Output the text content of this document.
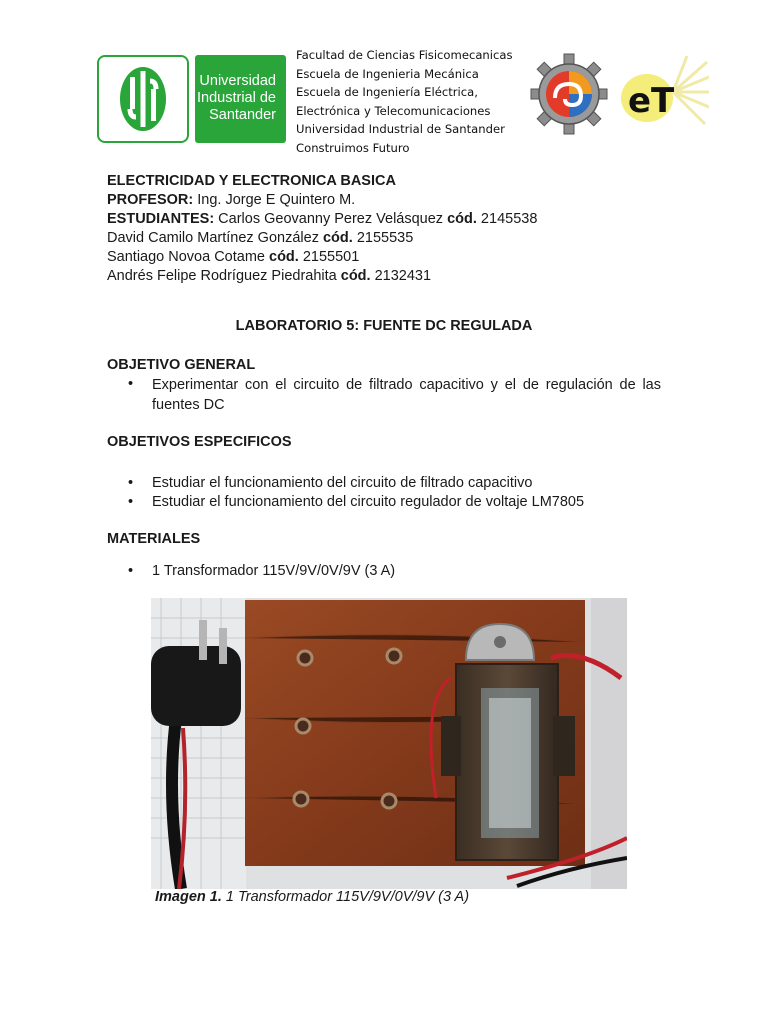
Universidad
Industrial de
Santander
Facultad de Ciencias Fisicomecanicas
Escuela de Ingenieria Mecánica
Escuela de Ingeniería Eléctrica,
Electrónica y Telecomunicaciones
Universidad Industrial de Santander
Construimos Futuro
eT
ELECTRICIDAD Y ELECTRONICA BASICA
PROFESOR: Ing. Jorge E Quintero M.
ESTUDIANTES: Carlos Geovanny Perez Velásquez cód. 2145538
David Camilo Martínez González cód. 2155535
Santiago Novoa Cotame cód. 2155501
Andrés Felipe Rodríguez Piedrahita cód. 2132431
LABORATORIO 5: FUENTE DC REGULADA
OBJETIVO GENERAL
• Experimentar con el circuito de filtrado capacitivo y el de regulación de las fuentes DC
OBJETIVOS ESPECIFICOS
• Estudiar el funcionamiento del circuito de filtrado capacitivo
• Estudiar el funcionamiento del circuito regulador de voltaje LM7805
MATERIALES
• 1 Transformador 115V/9V/0V/9V (3 A)
Imagen 1. 1 Transformador 115V/9V/0V/9V (3 A)
